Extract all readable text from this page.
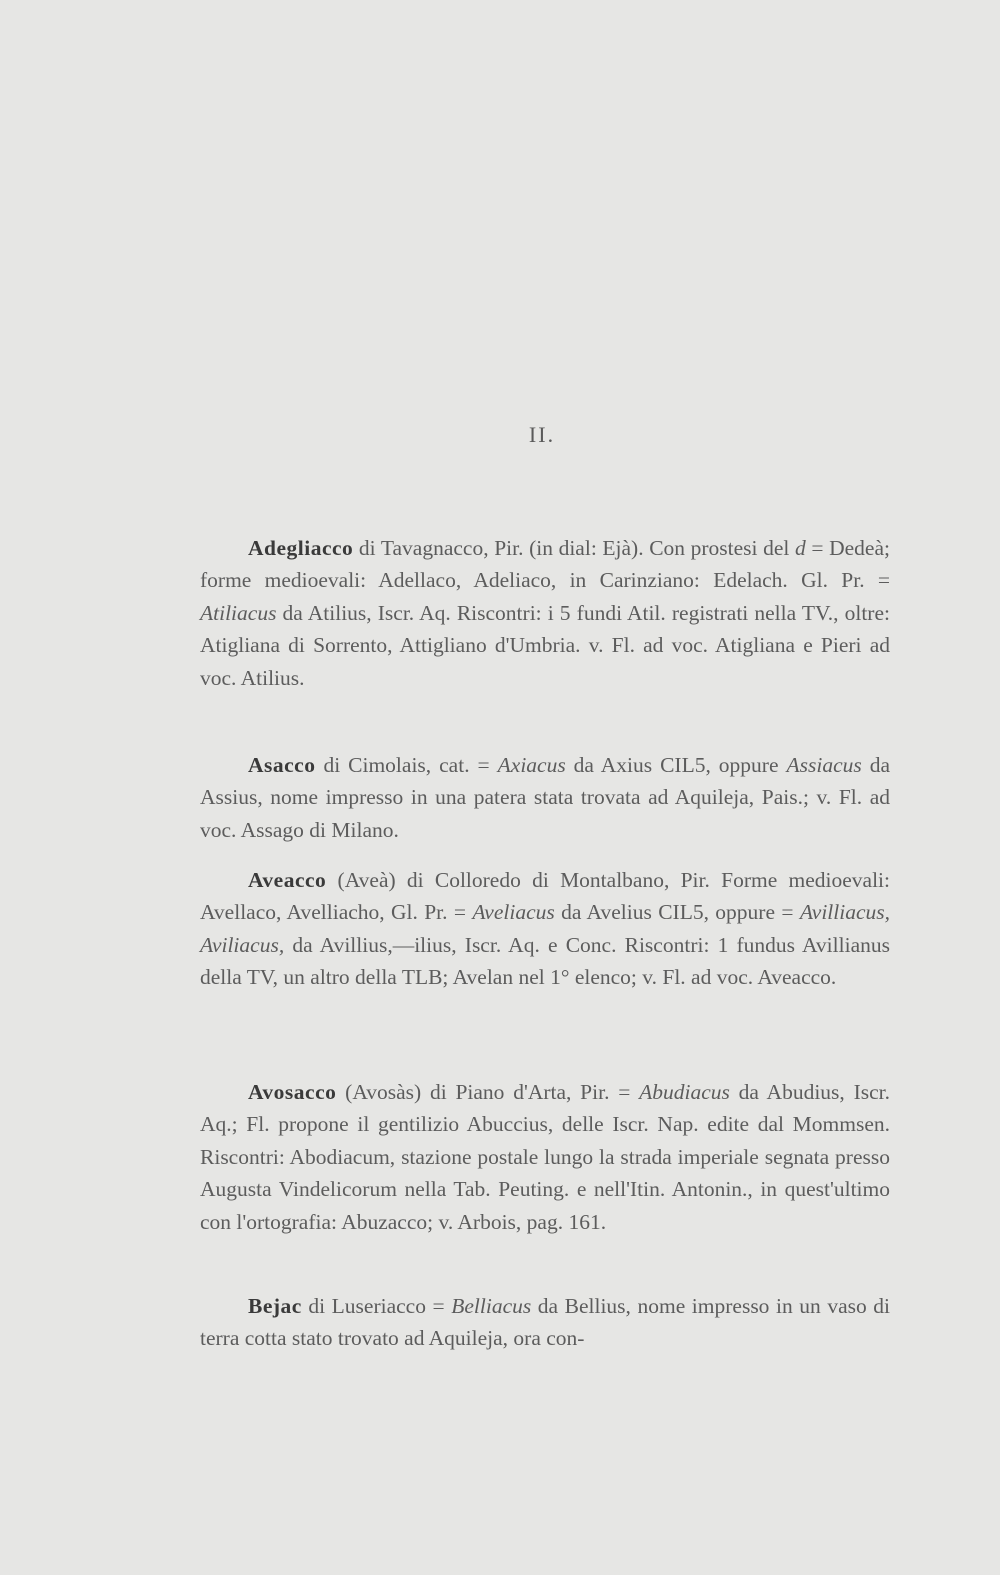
II.

Adegliacco di Tavagnacco, Pir. (in dial: Ejà). Con prostesi del d = Dedeà; forme medioevali: Adellaco, Adeliaco, in Carinziano: Edelach. Gl. Pr. = Atiliacus da Atilius, Iscr. Aq. Riscontri: i 5 fundi Atil. registrati nella TV., oltre: Atigliana di Sorrento, Attigliano d'Umbria. v. Fl. ad voc. Atigliana e Pieri ad voc. Atilius.

Asacco di Cimolais, cat. = Axiacus da Axius CIL5, oppure Assiacus da Assius, nome impresso in una patera stata trovata ad Aquileja, Pais.; v. Fl. ad voc. Assago di Milano.

Aveacco (Aveà) di Colloredo di Montalbano, Pir. Forme medioevali: Avellaco, Avelliacho, Gl. Pr. = Aveliacus da Avelius CIL5, oppure = Avilliacus, Aviliacus, da Avillius,—ilius, Iscr. Aq. e Conc. Riscontri: 1 fundus Avillianus della TV, un altro della TLB; Avelan nel 1° elenco; v. Fl. ad voc. Aveacco.

Avosacco (Avosàs) di Piano d'Arta, Pir. = Abudiacus da Abudius, Iscr. Aq.; Fl. propone il gentilizio Abuccius, delle Iscr. Nap. edite dal Mommsen. Riscontri: Abodiacum, stazione postale lungo la strada imperiale segnata presso Augusta Vindelicorum nella Tab. Peuting. e nell'Itin. Antonin., in quest'ultimo con l'ortografia: Abuzacco; v. Arbois, pag. 161.

Bejac di Luseriacco = Belliacus da Bellius, nome impresso in un vaso di terra cotta stato trovato ad Aquileja, ora con-
